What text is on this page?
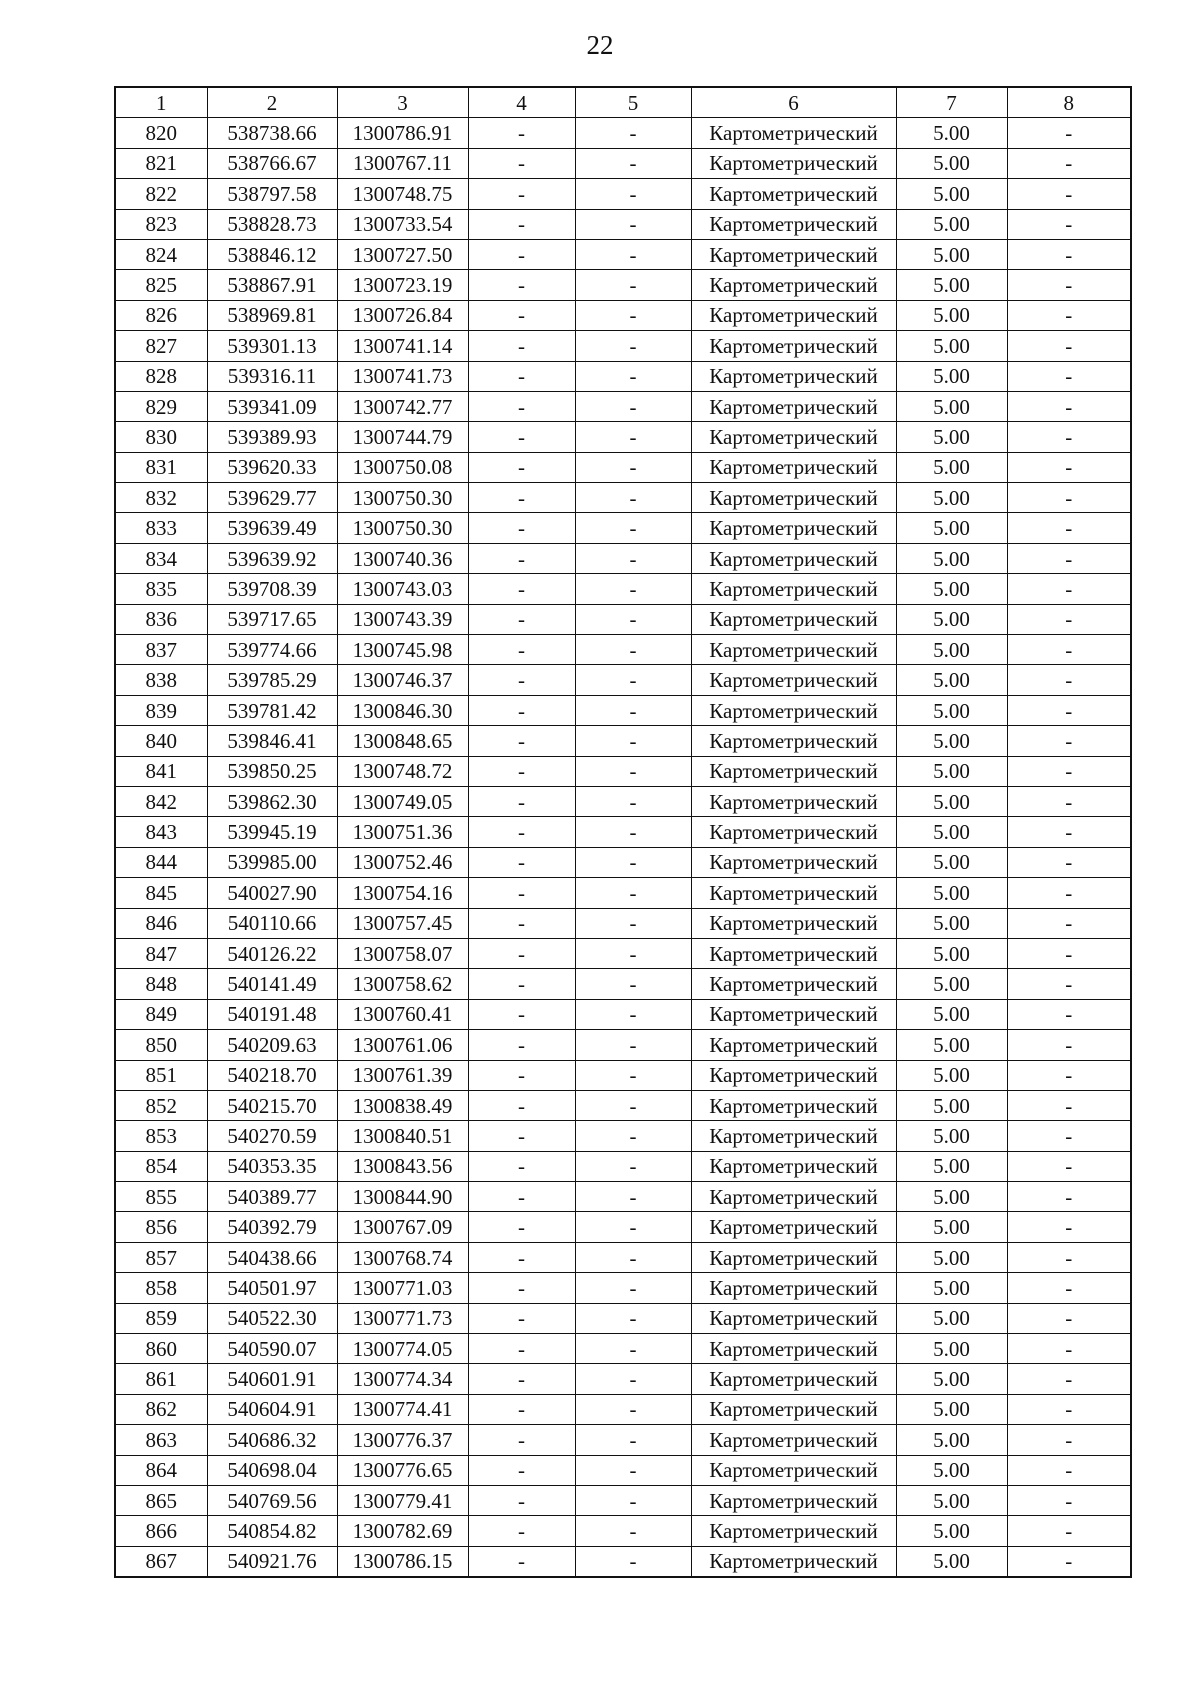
22
1	2	3	4	5	6	7	8
820	538738.66	1300786.91	-	-	Картометрический	5.00	-
821	538766.67	1300767.11	-	-	Картометрический	5.00	-
822	538797.58	1300748.75	-	-	Картометрический	5.00	-
823	538828.73	1300733.54	-	-	Картометрический	5.00	-
824	538846.12	1300727.50	-	-	Картометрический	5.00	-
825	538867.91	1300723.19	-	-	Картометрический	5.00	-
826	538969.81	1300726.84	-	-	Картометрический	5.00	-
827	539301.13	1300741.14	-	-	Картометрический	5.00	-
828	539316.11	1300741.73	-	-	Картометрический	5.00	-
829	539341.09	1300742.77	-	-	Картометрический	5.00	-
830	539389.93	1300744.79	-	-	Картометрический	5.00	-
831	539620.33	1300750.08	-	-	Картометрический	5.00	-
832	539629.77	1300750.30	-	-	Картометрический	5.00	-
833	539639.49	1300750.30	-	-	Картометрический	5.00	-
834	539639.92	1300740.36	-	-	Картометрический	5.00	-
835	539708.39	1300743.03	-	-	Картометрический	5.00	-
836	539717.65	1300743.39	-	-	Картометрический	5.00	-
837	539774.66	1300745.98	-	-	Картометрический	5.00	-
838	539785.29	1300746.37	-	-	Картометрический	5.00	-
839	539781.42	1300846.30	-	-	Картометрический	5.00	-
840	539846.41	1300848.65	-	-	Картометрический	5.00	-
841	539850.25	1300748.72	-	-	Картометрический	5.00	-
842	539862.30	1300749.05	-	-	Картометрический	5.00	-
843	539945.19	1300751.36	-	-	Картометрический	5.00	-
844	539985.00	1300752.46	-	-	Картометрический	5.00	-
845	540027.90	1300754.16	-	-	Картометрический	5.00	-
846	540110.66	1300757.45	-	-	Картометрический	5.00	-
847	540126.22	1300758.07	-	-	Картометрический	5.00	-
848	540141.49	1300758.62	-	-	Картометрический	5.00	-
849	540191.48	1300760.41	-	-	Картометрический	5.00	-
850	540209.63	1300761.06	-	-	Картометрический	5.00	-
851	540218.70	1300761.39	-	-	Картометрический	5.00	-
852	540215.70	1300838.49	-	-	Картометрический	5.00	-
853	540270.59	1300840.51	-	-	Картометрический	5.00	-
854	540353.35	1300843.56	-	-	Картометрический	5.00	-
855	540389.77	1300844.90	-	-	Картометрический	5.00	-
856	540392.79	1300767.09	-	-	Картометрический	5.00	-
857	540438.66	1300768.74	-	-	Картометрический	5.00	-
858	540501.97	1300771.03	-	-	Картометрический	5.00	-
859	540522.30	1300771.73	-	-	Картометрический	5.00	-
860	540590.07	1300774.05	-	-	Картометрический	5.00	-
861	540601.91	1300774.34	-	-	Картометрический	5.00	-
862	540604.91	1300774.41	-	-	Картометрический	5.00	-
863	540686.32	1300776.37	-	-	Картометрический	5.00	-
864	540698.04	1300776.65	-	-	Картометрический	5.00	-
865	540769.56	1300779.41	-	-	Картометрический	5.00	-
866	540854.82	1300782.69	-	-	Картометрический	5.00	-
867	540921.76	1300786.15	-	-	Картометрический	5.00	-
